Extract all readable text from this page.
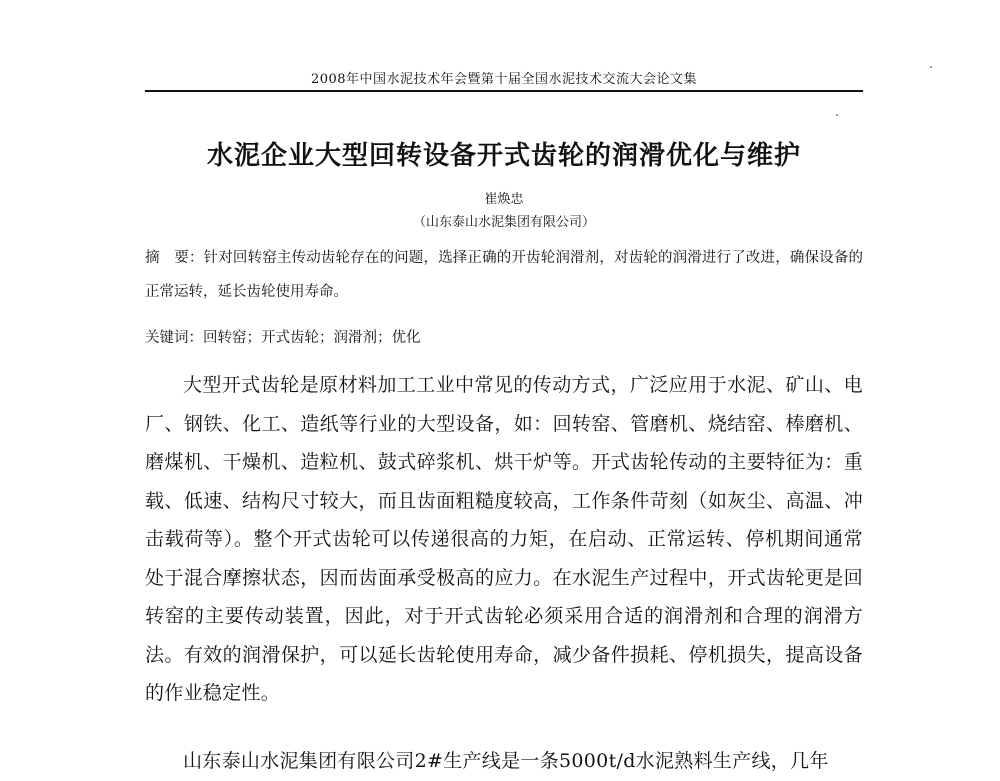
2008年中国水泥技术年会暨第十届全国水泥技术交流大会论文集
水泥企业大型回转设备开式齿轮的润滑优化与维护
崔焕忠
（山东泰山水泥集团有限公司）

摘　要：针对回转窑主传动齿轮存在的问题，选择正确的开齿轮润滑剂，对齿轮的润滑进行了改进，确保设备的正常运转，延长齿轮使用寿命。

关键词：回转窑；开式齿轮；润滑剂；优化

大型开式齿轮是原材料加工工业中常见的传动方式，广泛应用于水泥、矿山、电厂、钢铁、化工、造纸等行业的大型设备，如：回转窑、管磨机、烧结窑、棒磨机、磨煤机、干燥机、造粒机、鼓式碎浆机、烘干炉等。开式齿轮传动的主要特征为：重载、低速、结构尺寸较大，而且齿面粗糙度较高，工作条件苛刻（如灰尘、高温、冲击载荷等）。整个开式齿轮可以传递很高的力矩，在启动、正常运转、停机期间通常处于混合摩擦状态，因而齿面承受极高的应力。在水泥生产过程中，开式齿轮更是回转窑的主要传动装置，因此，对于开式齿轮必须采用合适的润滑剂和合理的润滑方法。有效的润滑保护，可以延长齿轮使用寿命，减少备件损耗、停机损失，提高设备的作业稳定性。

山东泰山水泥集团有限公司2#生产线是一条5000t/d水泥熟料生产线，几年
